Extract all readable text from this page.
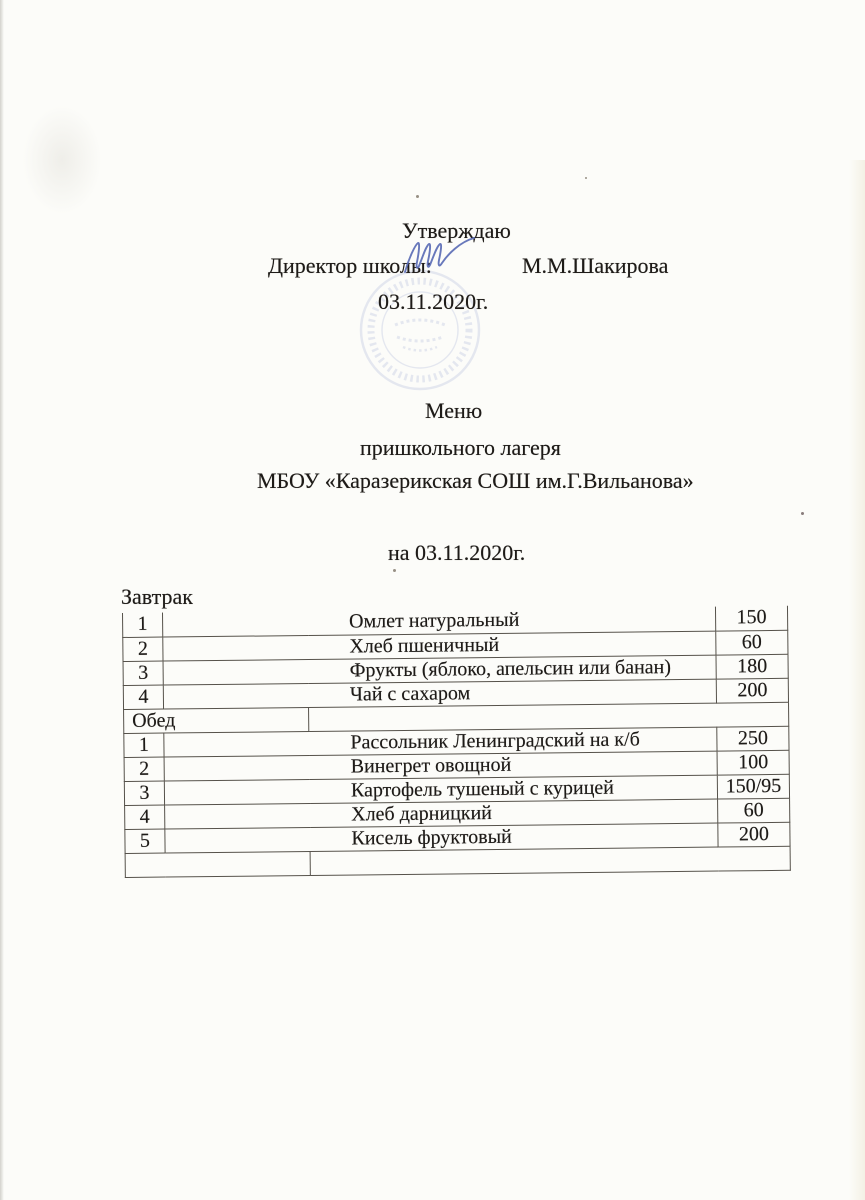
Утверждаю
Директор школы:	М.М.Шакирова
03.11.2020г.
Меню
пришкольного лагеря
МБОУ «Каразерикская СОШ им.Г.Вильанова»
на 03.11.2020г.
Завтрак
1	Омлет натуральный		150
2	Хлеб пшеничный		60
3	Фрукты (яблоко, апельсин или банан)		180
4	Чай с сахаром		200
Обед			
1	Рассольник Ленинградский на к/б		250
2	Винегрет овощной		100
3	Картофель тушеный с курицей		150/95
4	Хлеб дарницкий		60
5	Кисель фруктовый		200
